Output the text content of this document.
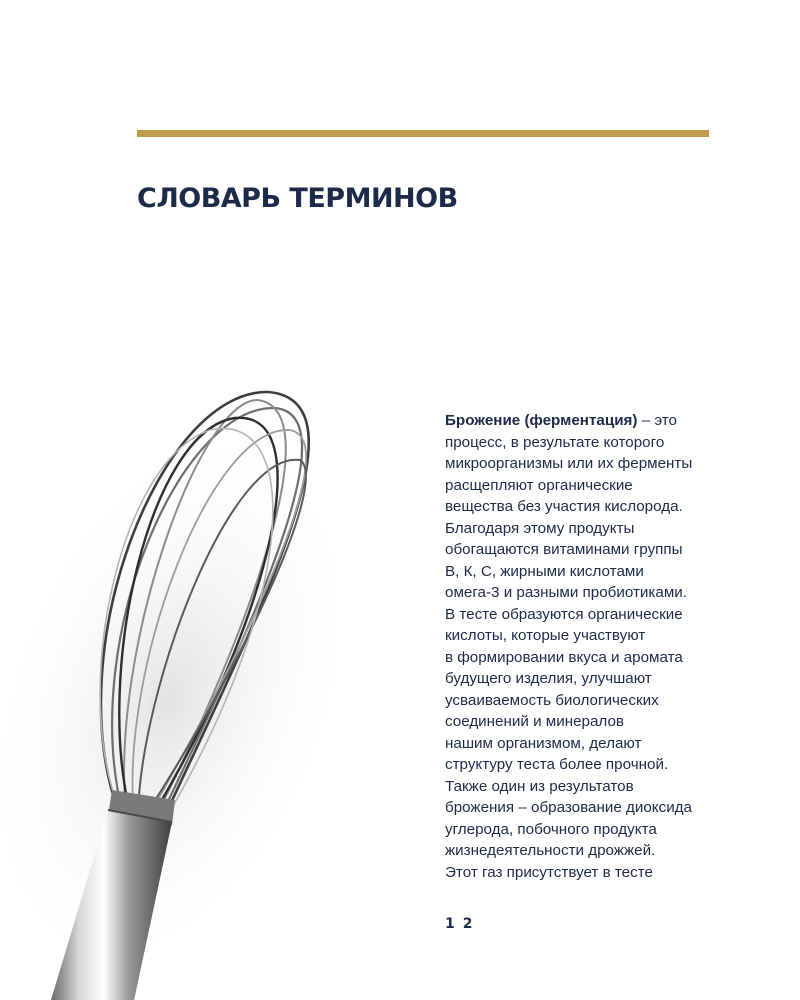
СЛОВАРЬ ТЕРМИНОВ
Брожение (ферментация) – это
процесс, в результате которого
микроорганизмы или их ферменты
расщепляют органические
вещества без участия кислорода.
Благодаря этому продукты
обогащаются витаминами группы
В, К, С, жирными кислотами
омега-3 и разными пробиотиками.
В тесте образуются органические
кислоты, которые участвуют
в формировании вкуса и аромата
будущего изделия, улучшают
усваиваемость биологических
соединений и минералов
нашим организмом, делают
структуру теста более прочной.
Также один из результатов
брожения – образование диоксида
углерода, побочного продукта
жизнедеятельности дрожжей.
Этот газ присутствует в тесте
12
